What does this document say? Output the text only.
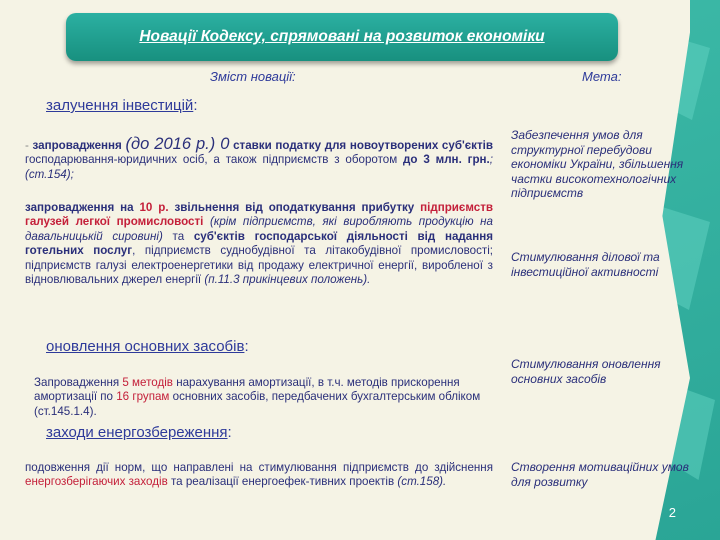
Новації Кодексу, спрямовані на розвиток економіки
Зміст новації:	Мета:
залучення інвестицій:
- запровадження (до 2016 р.) 0 ставки податку для новоутворених суб'єктів господарювання-юридичних осіб, а також підприємств з оборотом до 3 млн. грн.; (ст.154);
запровадження на 10 р. звільнення від оподаткування прибутку підприємств галузей легкої промисловості (крім підприємств, які виробляють продукцію на давальницькій сировині) та суб'єктів господарської діяльності від надання готельних послуг, підприємств суднобудівної та літакобудівної промисловості; підприємств галузі електроенергетики від продажу електричної енергії, виробленої з відновлювальних джерел енергії (п.11.3 прикінцевих положень).
оновлення основних засобів:
Запровадження 5 методів нарахування амортизації, в т.ч. методів прискорення амортизації по 16 групам основних засобів, передбачених бухгалтерським обліком (ст.145.1.4).
заходи енергозбереження:
подовження дії норм, що направлені на стимулювання підприємств до здійснення енергозберігаючих заходів та реалізації енергоефек-тивних проектів (ст.158).
Забезпечення умов для структурної перебудови економіки України, збільшення частки високотехнологічних підприємств
Стимулювання ділової та інвестиційної активності
Стимулювання оновлення основних засобів
Створення мотиваційних умов для розвитку
2
